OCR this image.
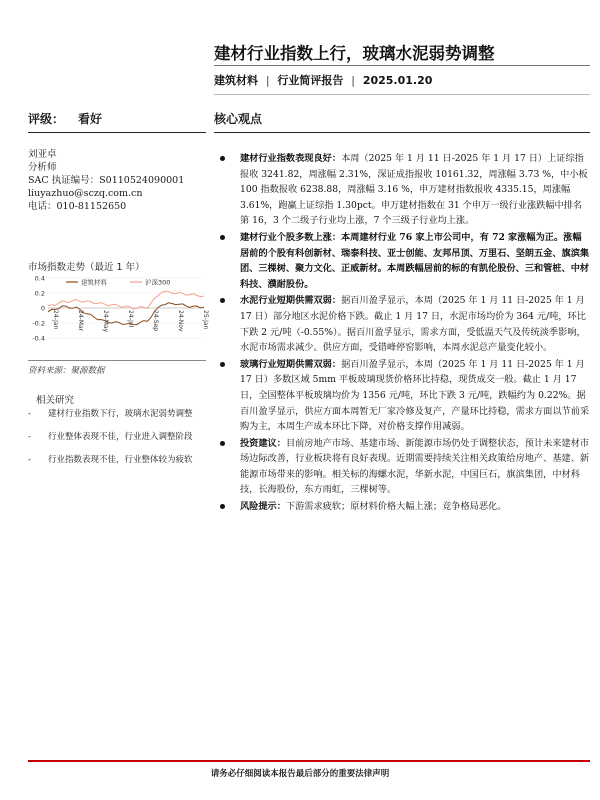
建材行业指数上行，玻璃水泥弱势调整
建筑材料 | 行业简评报告 | 2025.01.20
评级： 看好	核心观点
刘亚卓
分析师
SAC 执证编号：S0110524090001
liuyazhuo@sczq.com.cn
电话：010-81152650
市场指数走势（最近 1 年）
0.4
0.2
0
-0.2
-0.4
24-Jan	24-Mar	24-May	24-Jul	24-Sep	24-Nov	25-Jan
建筑材料	沪深300
资料来源：聚源数据
相关研究
- 建材行业指数下行，玻璃水泥弱势调整
- 行业整体表现不佳，行业进入调整阶段
- 行业指数表现不佳，行业整体较为疲软
建材行业指数表现良好：本周（2025 年 1 月 11 日-2025 年 1 月 17 日）上证综指报收 3241.82，周涨幅 2.31%，深证成指报收 10161.32，周涨幅 3.73 %，中小板 100 指数报收 6238.88，周涨幅 3.16 %，申万建材指数报收 4335.15，周涨幅 3.61%，跑赢上证综指 1.30pct。申万建材指数在 31 个申万一级行业涨跌幅中排名第 16，3 个二级子行业均上涨，7 个三级子行业均上涨。
建材行业个股多数上涨：本周建材行业 76 家上市公司中，有 72 家涨幅为正。涨幅居前的个股有科创新材、瑞泰科技、亚士创能、友邦吊顶、万里石、坚朗五金、旗滨集团、三棵树、聚力文化、正威新材。本周跌幅居前的标的有凯伦股份、三和管桩、中材科技、濮耐股份。
水泥行业短期供需双弱：据百川盈孚显示，本周（2025 年 1 月 11 日-2025 年 1 月 17 日）部分地区水泥价格下跌。截止 1 月 17 日，水泥市场均价为 364 元/吨，环比下跌 2 元/吨（-0.55%）。据百川盈孚显示，需求方面，受低温天气及传统淡季影响，水泥市场需求减少。供应方面，受错峰停窑影响，本周水泥总产量变化较小。
玻璃行业短期供需双弱：据百川盈孚显示，本周（2025 年 1 月 11 日-2025 年 1 月 17 日）多数区域 5mm 平板玻璃现货价格环比持稳，现货成交一般。截止 1 月 17 日，全国整体平板玻璃均价为 1356 元/吨，环比下跌 3 元/吨，跌幅约为 0.22%。据百川盈孚显示，供应方面本周暂无厂家冷修及复产，产量环比持稳，需求方面以节前采购为主，本周生产成本环比下降，对价格支撑作用减弱。
投资建议：目前房地产市场、基建市场、新能源市场仍处于调整状态，预计未来建材市场边际改善，行业板块将有良好表现。近期需要持续关注相关政策给房地产、基建、新能源市场带来的影响。相关标的海螺水泥，华新水泥，中国巨石，旗滨集团，中材科技，长海股份，东方雨虹，三棵树等。
风险提示：下游需求疲软；原材料价格大幅上涨；竞争格局恶化。
请务必仔细阅读本报告最后部分的重要法律声明
